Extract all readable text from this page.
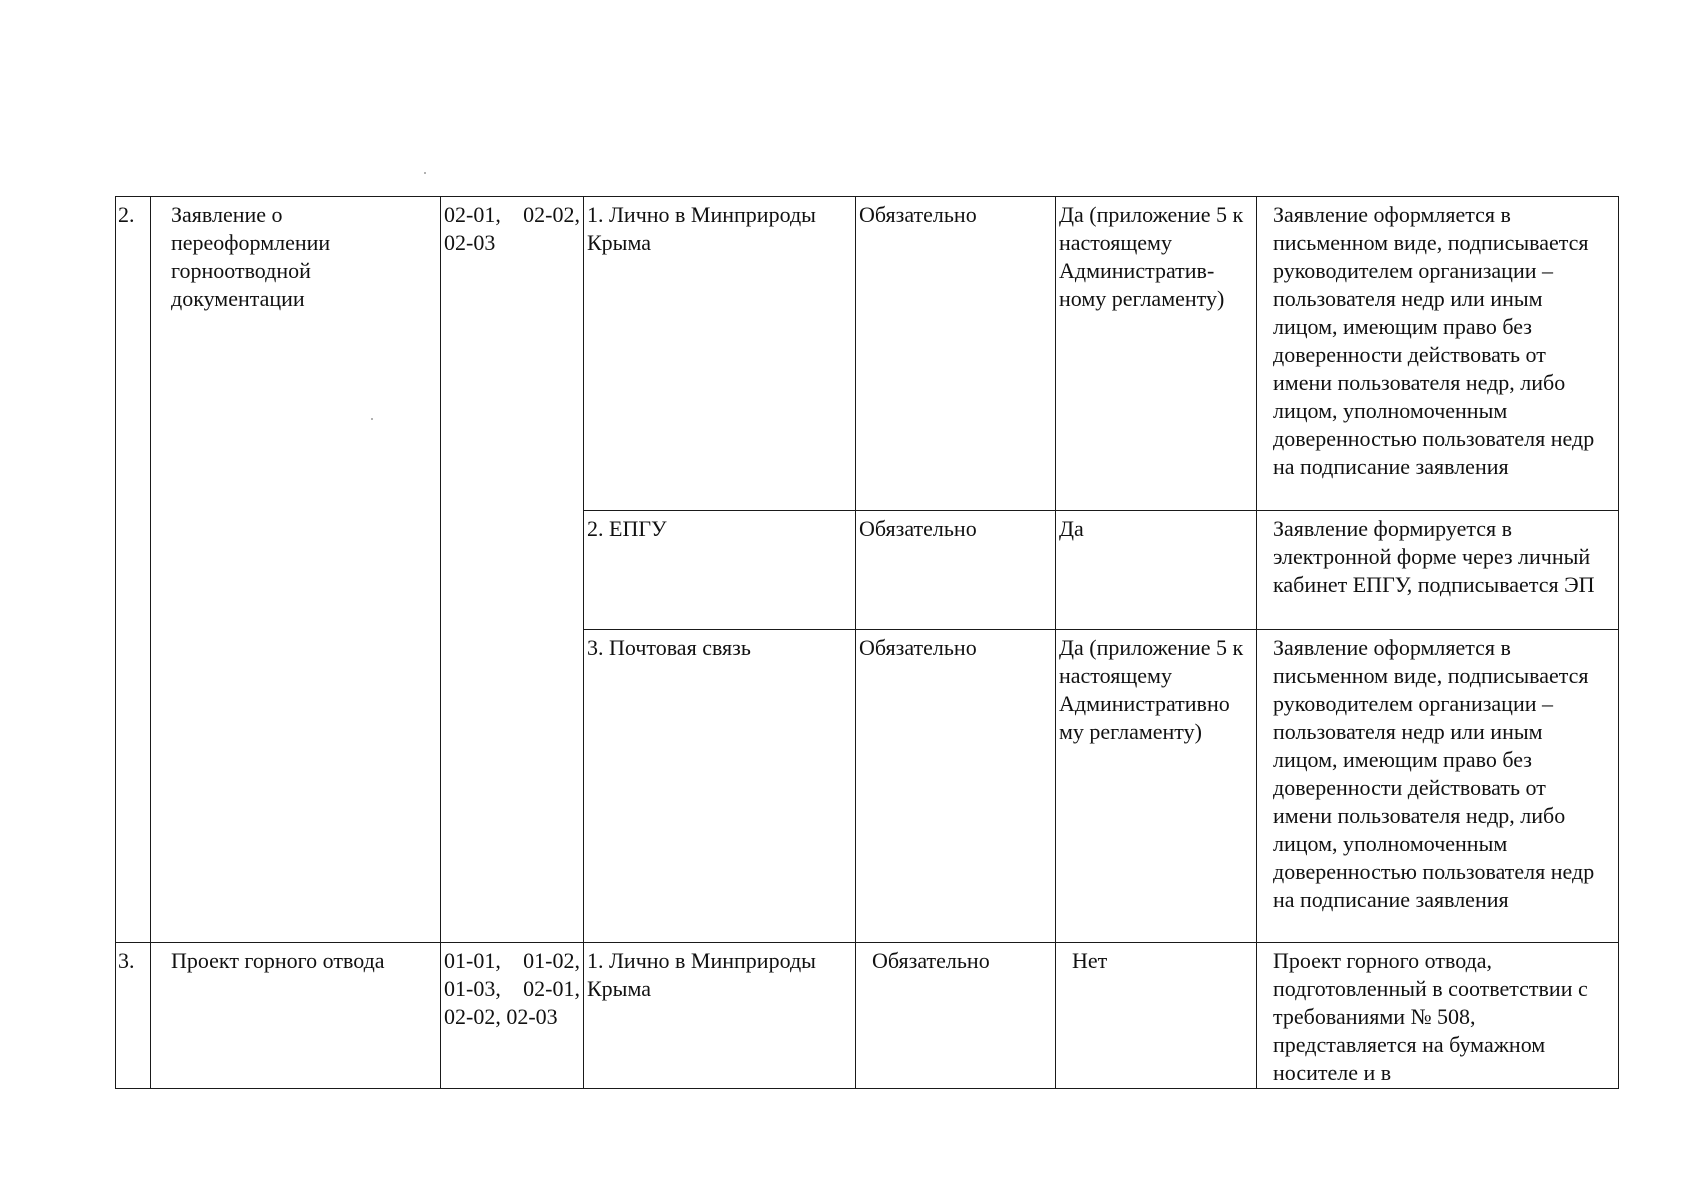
2.	Заявление о переоформлении горноотводной документации	02-01, 02-02, 02-03	1. Лично в Минприроды Крыма	Обязательно	Да (приложение 5 к настоящему Административ-ному регламенту)	Заявление оформляется в письменном виде, подписывается руководителем организации – пользователя недр или иным лицом, имеющим право без доверенности действовать от имени пользователя недр, либо лицом, уполномоченным доверенностью пользователя недр на подписание заявления

			2. ЕПГУ	Обязательно	Да	Заявление формируется в электронной форме через личный кабинет ЕПГУ, подписывается ЭП

			3. Почтовая связь	Обязательно	Да (приложение 5 к настоящему Административно му регламенту)	Заявление оформляется в письменном виде, подписывается руководителем организации – пользователя недр или иным лицом, имеющим право без доверенности действовать от имени пользователя недр, либо лицом, уполномоченным доверенностью пользователя недр на подписание заявления

3.	Проект горного отвода	01-01, 01-02, 01-03, 02-01, 02-02, 02-03	1. Лично в Минприроды Крыма	Обязательно	Нет	Проект горного отвода, подготовленный в соответствии с требованиями № 508, представляется на бумажном носителе и в
